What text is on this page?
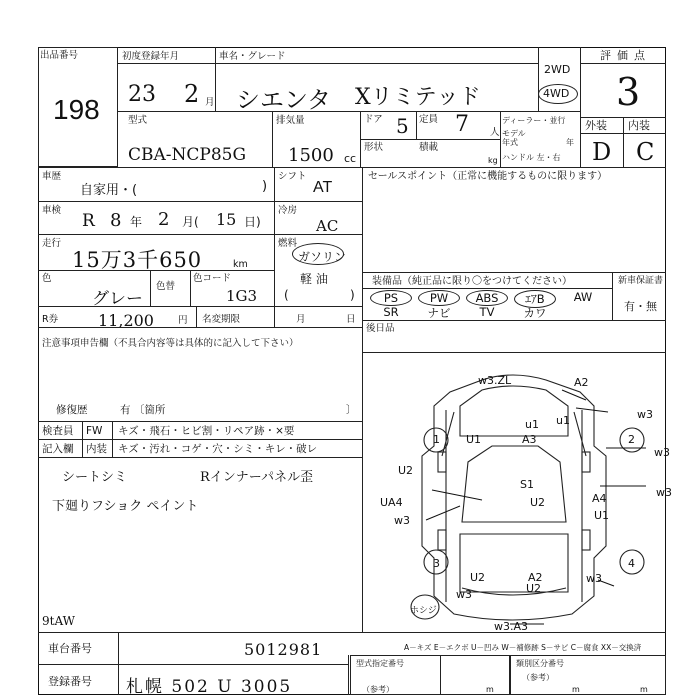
出品番号
198
初度登録年月	車名・グレード
23 2 月 シエンタ Xリミテッド
2WD
4WD
評価点
3
外装 内装
D C
型式
CBA-NCP85G
排気量
1500 cc
ドア 5 定員 7 人
形状	積載
kg
ディーラー・並行
モデル
年式	年
ハンドル 左・右
車歴
自家用・(	)
シフト
AT
セールスポイント（正常に機能するものに限ります）
車検
R 8 年 2 月( 15 日)
冷房
AC
走行
15万3千650	km
燃料
ガソリン
軽 油
(	)
色
グレー
色替
色コード
1G3
R券 11,200	円 名変期限	月	日
注意事項申告欄（不具合内容等は具体的に記入して下さい）
修復歴	有 〔箇所	〕
検査員 FW キズ・飛石・ヒビ割・リペア跡・×要
記入欄 内装 キズ・汚れ・コゲ・穴・シミ・キレ・破レ
シートシミ	Rインナーパネル歪
下廻りフショク ペイント
9tAW
車台番号	5012981
登録番号 札幌 502 U 3005
装備品（純正品に限り〇をつけてください）	新車保証書
有・無
PS	PW	ABS	ｴｱB	AW
SR	ナビ	TV	カワ
後日品
w3.ZL	A2
w3
u1 u1
A3
1 U1	2
w3
U2
S1
w3
UA4	U2	A4
w3	U1
3	4
U2
w3
A2
U2
w3
ホシジ
w3.A3
A－キズ E－エクボ U－凹み W－補修跡 S－サビ C－腐食 XX－交換済
型式指定番号
（参考）
類別区分番号
（参考）
m	m	m
